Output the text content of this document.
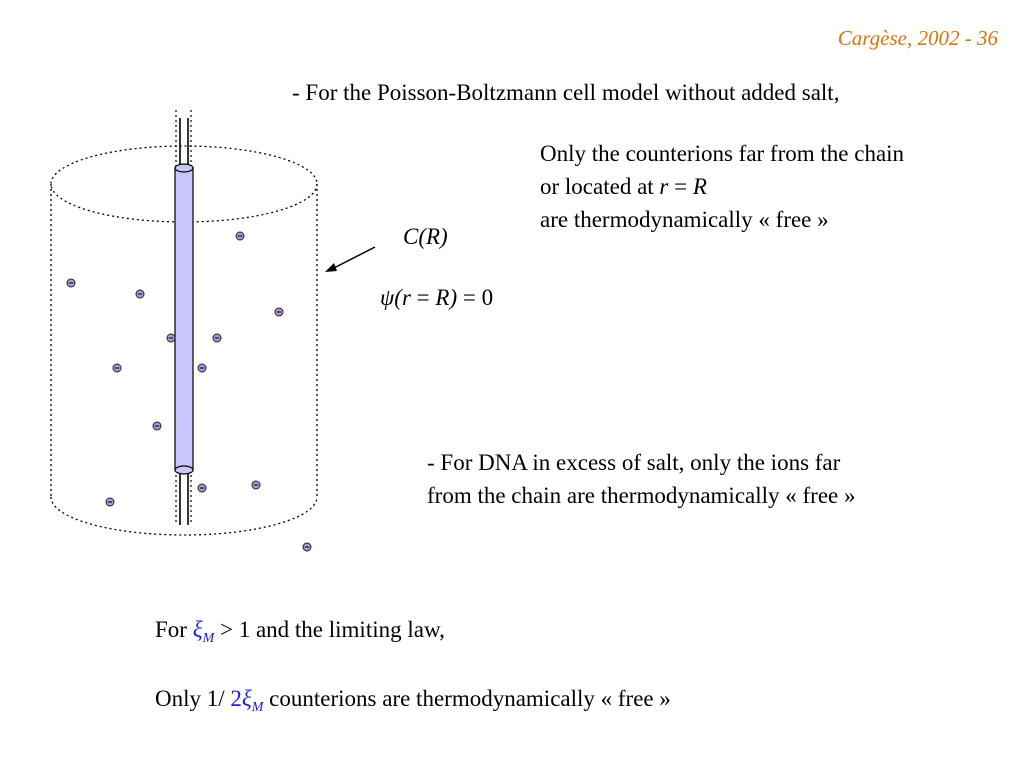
Cargèse, 2002 - 36
- For the Poisson-Boltzmann cell model without added salt,
Only the counterions far from the chain
or located at r = R
are thermodynamically « free »
C(R)
ψ(r = R) = 0
- For DNA in excess of salt, only the ions far
from the chain are thermodynamically « free »
For $\xi_M > 1$ and the limiting law,
Only 1/ $2\xi_M$ counterions are thermodynamically « free »
